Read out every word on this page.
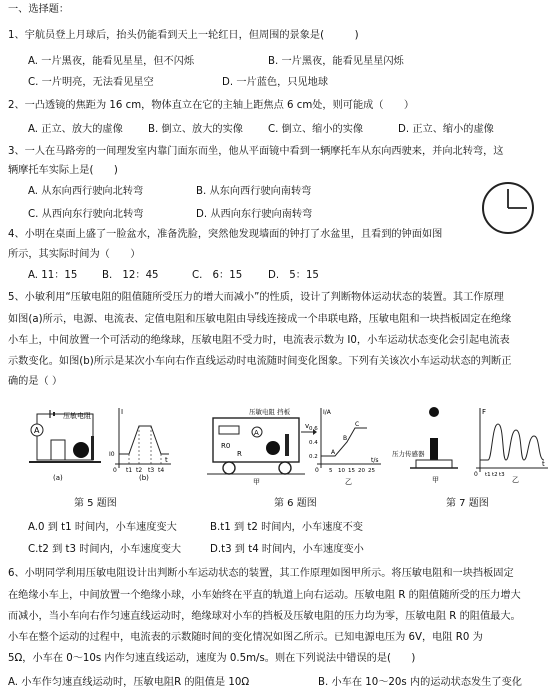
一、选择题：
1、宇航员登上月球后，抬头仍能看到天上一轮红日，但周围的景象是(　　　)
A. 一片黑夜，能看见星星，但不闪烁	B. 一片黑夜，能看见星星闪烁
C. 一片明亮，无法看见星空	D. 一片蓝色，只见地球
2、一凸透镜的焦距为 16 cm，物体直立在它的主轴上距焦点 6 cm处，则可能成（　　）
A. 正立、放大的虚像 B. 倒立、放大的实像 C. 倒立、缩小的实像	D. 正立、缩小的虚像
3、一人在马路旁的一间理发室内靠门面东而坐，他从平面镜中看到一辆摩托车从东向西驶来，并向北转弯，这
辆摩托车实际上是(　　)
A. 从东向西行驶向北转弯	B. 从东向西行驶向南转弯
C. 从西向东行驶向北转弯	D. 从西向东行驶向南转弯
4、小明在桌面上盛了一脸盆水，准备洗脸，突然他发现墙面的钟打了水盆里，且看到的钟面如图
所示，其实际时间为（　　）
A. 11：15 B.　12：45	C.　6：15	D.　5：15
5、小敏利用“压敏电阻的阻值随所受压力的增大而减小”的性质，设计了判断物体运动状态的装置。其工作原理
如图(a)所示，电源、电流表、定值电阻和压敏电阻由导线连接成一个串联电路，压敏电阻和一块挡板固定在绝缘
小车上，中间放置一个可活动的绝缘球，压敏电阻不受力时，电流表示数为 I0，小车运动状态变化会引起电流表
示数变化。如图(b)所示是某次小车向右作直线运动时电流随时间变化图象。下列有关该次小车运动状态的判断正
确的是（ ）
A
压敏电阻
(a)
I
t
0
I0
t1 t2 t3 t4
(b)
R0
A
R
压敏电阻 挡板
v
甲
I/A
t/s
0
0.6
0.4
0.2
5 10 15 20 25
A
B
C
乙
压力传感器
甲
F
t
0 t1 t2 t3
乙
第 5 题图	第 6 题图	第 7 题图
A.0 到 t1 时间内，小车速度变大	B.t1 到 t2 时间内，小车速度不变
C.t2 到 t3 时间内，小车速度变大	D.t3 到 t4 时间内，小车速度变小
6、小明同学利用压敏电阻设计出判断小车运动状态的装置，其工作原理如图甲所示。将压敏电阻和一块挡板固定
在绝缘小车上，中间放置一个绝缘小球，小车始终在平直的轨道上向右运动。压敏电阻 R 的阻值随所受的压力增大
而减小，当小车向右作匀速直线运动时，绝缘球对小车的挡板及压敏电阻的压力均为零，压敏电阻 R 的阻值最大。
小车在整个运动的过程中，电流表的示数随时间的变化情况如图乙所示。已知电源电压为 6V，电阻 R0 为
5Ω，小车在 0～10s 内作匀速直线运动，速度为 0.5m/s。则在下列说法中错误的是(　　)
A. 小车作匀速直线运动时，压敏电阻R 的阻值是 10Ω	B. 小车在 10～20s 内的运动状态发生了变化
